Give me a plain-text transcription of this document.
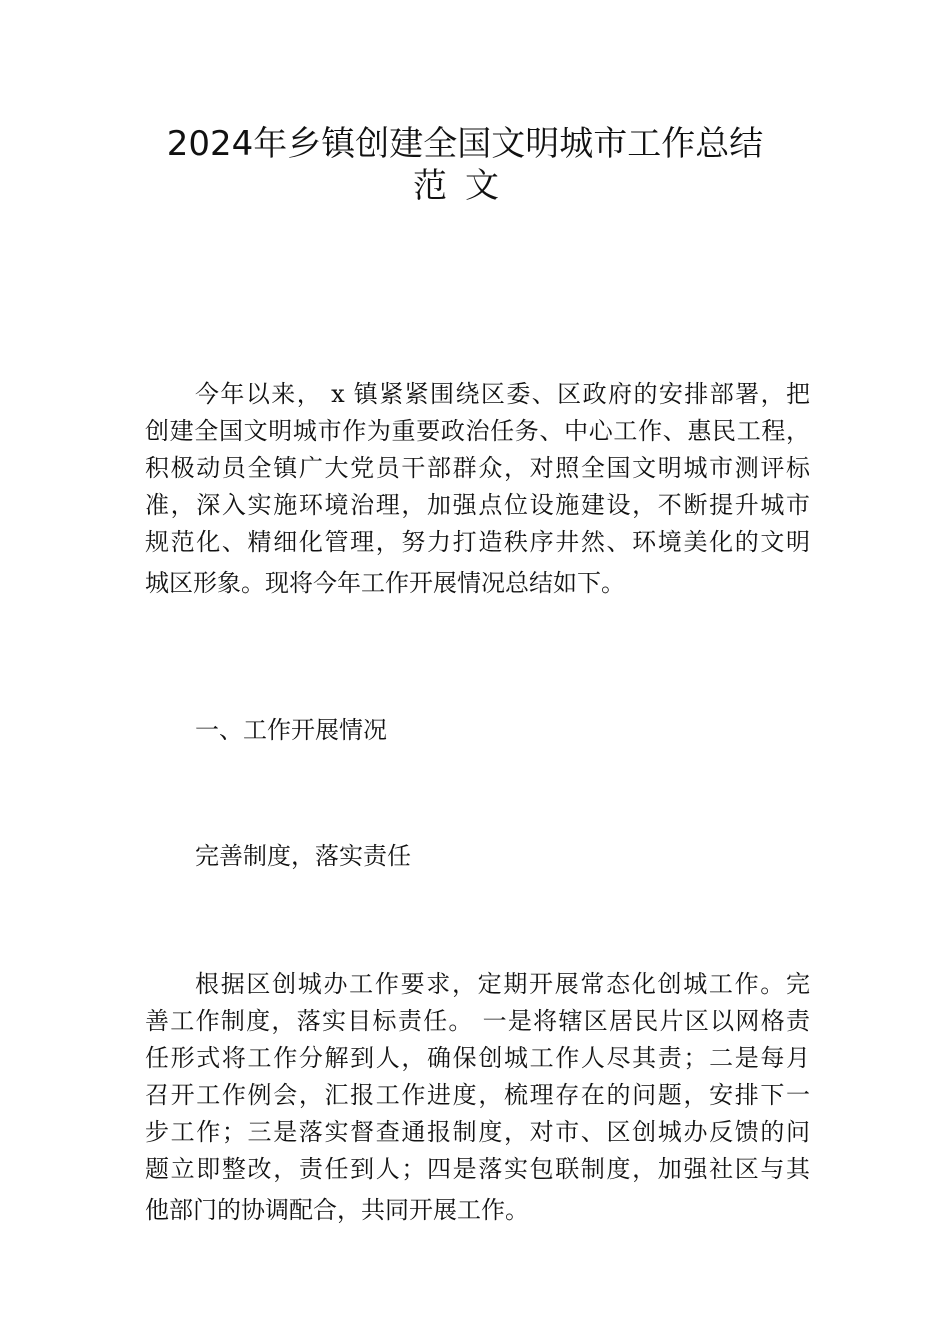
2024年乡镇创建全国文明城市工作总结
范文
今年以来， x 镇紧紧围绕区委、区政府的安排部署，把
创建全国文明城市作为重要政治任务、中心工作、惠民工程，
积极动员全镇广大党员干部群众，对照全国文明城市测评标
准，深入实施环境治理，加强点位设施建设，不断提升城市
规范化、精细化管理，努力打造秩序井然、环境美化的文明
城区形象。现将今年工作开展情况总结如下。
一、工作开展情况
完善制度，落实责任
根据区创城办工作要求，定期开展常态化创城工作。完
善工作制度，落实目标责任。 一是将辖区居民片区以网格责
任形式将工作分解到人，确保创城工作人尽其责；二是每月
召开工作例会，汇报工作进度，梳理存在的问题，安排下一
步工作；三是落实督查通报制度，对市、区创城办反馈的问
题立即整改，责任到人；四是落实包联制度，加强社区与其
他部门的协调配合，共同开展工作。
